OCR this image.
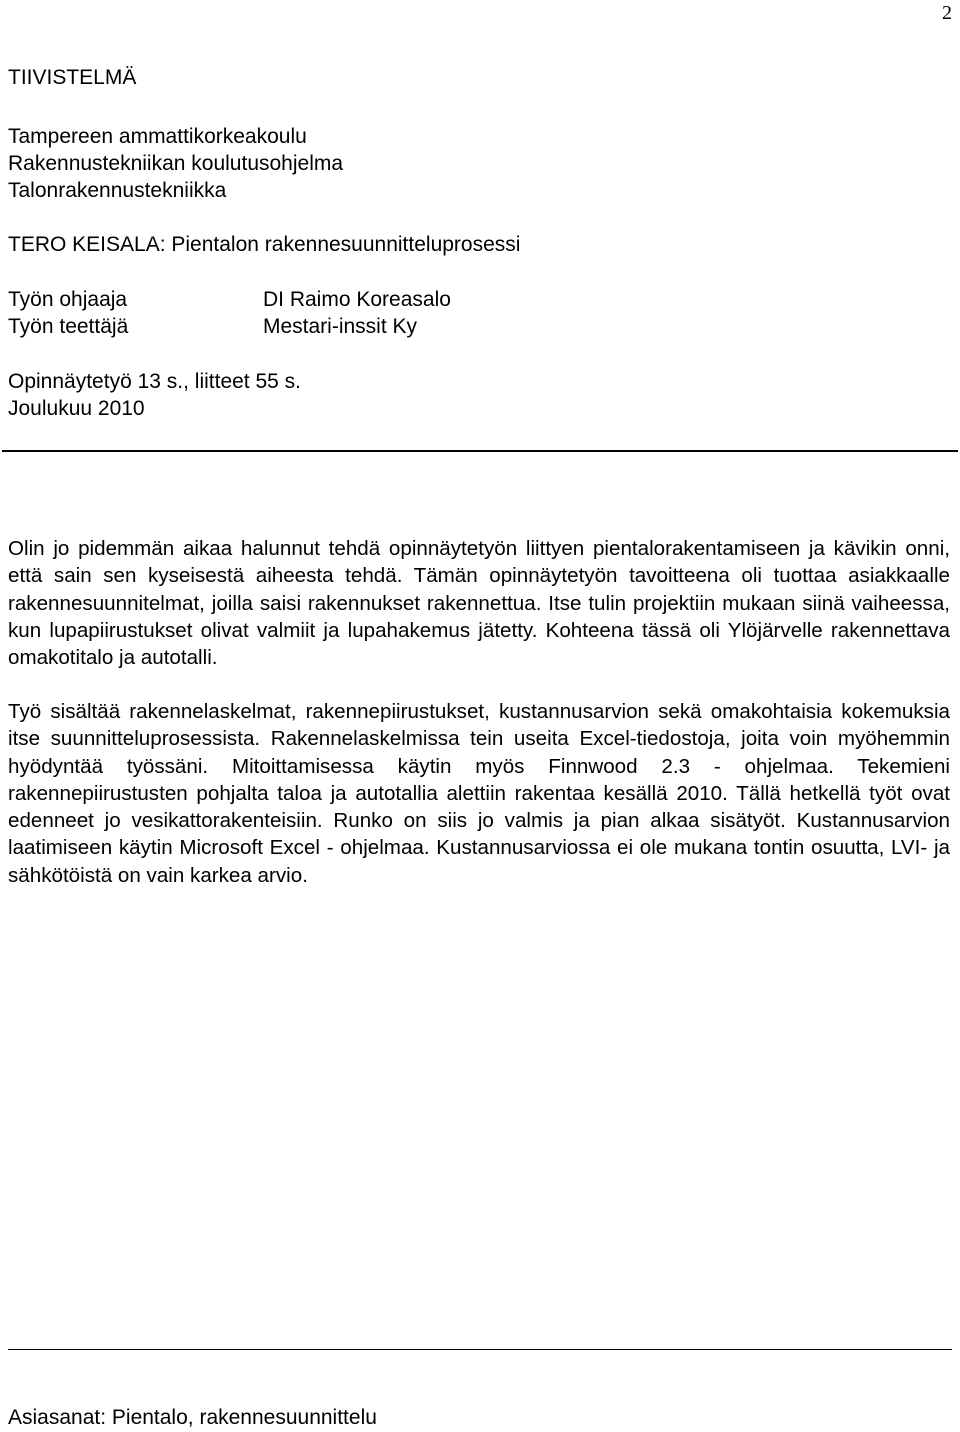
2
TIIVISTELMÄ
Tampereen ammattikorkeakoulu
Rakennustekniikan koulutusohjelma
Talonrakennustekniikka
TERO KEISALA: Pientalon rakennesuunnitteluprosessi
Työn ohjaaja	DI Raimo Koreasalo
Työn teettäjä	Mestari-inssit Ky
Opinnäytetyö 13 s., liitteet 55 s.
Joulukuu 2010
Olin jo pidemmän aikaa halunnut tehdä opinnäytetyön liittyen pientalorakentamiseen ja kävikin onni, että sain sen kyseisestä aiheesta tehdä. Tämän opinnäytetyön tavoitteena oli tuottaa asiakkaalle rakennesuunnitelmat, joilla saisi rakennukset rakennettua. Itse tulin projektiin mukaan siinä vaiheessa, kun lupapiirustukset olivat valmiit ja lupahakemus jätetty. Kohteena tässä oli Ylöjärvelle rakennettava omakotitalo ja autotalli.
Työ sisältää rakennelaskelmat, rakennepiirustukset, kustannusarvion sekä omakohtaisia kokemuksia itse suunnitteluprosessista. Rakennelaskelmissa tein useita Excel-tiedostoja, joita voin myöhemmin hyödyntää työssäni. Mitoittamisessa käytin myös Finnwood 2.3 - ohjelmaa. Tekemieni rakennepiirustusten pohjalta taloa ja autotallia alettiin rakentaa kesällä 2010. Tällä hetkellä työt ovat edenneet jo vesikattorakenteisiin. Runko on siis jo valmis ja pian alkaa sisätyöt. Kustannusarvion laatimiseen käytin Microsoft Excel - ohjelmaa. Kustannusarviossa ei ole mukana tontin osuutta, LVI- ja sähkötöistä on vain karkea arvio.
Asiasanat: Pientalo, rakennesuunnittelu
